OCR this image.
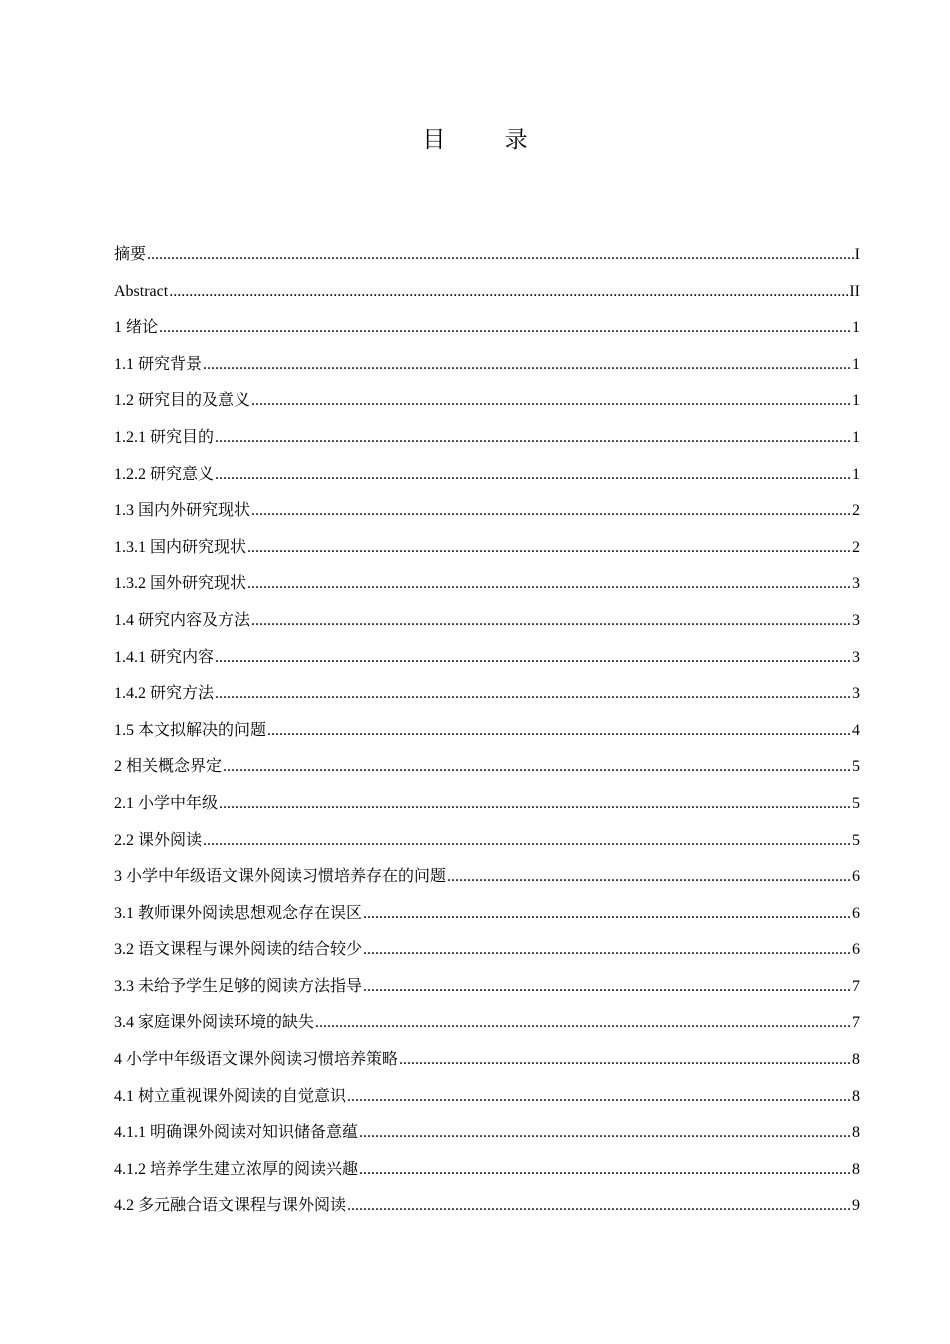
目 录
摘要 .....	I
Abstract .....	II
1 绪论 .....	1
1.1 研究背景 .....	1
1.2 研究目的及意义 .....	1
1.2.1 研究目的 .....	1
1.2.2 研究意义 .....	1
1.3 国内外研究现状 .....	2
1.3.1 国内研究现状 .....	2
1.3.2 国外研究现状 .....	3
1.4 研究内容及方法 .....	3
1.4.1 研究内容 .....	3
1.4.2 研究方法 .....	3
1.5 本文拟解决的问题 .....	4
2 相关概念界定 .....	5
2.1 小学中年级 .....	5
2.2 课外阅读 .....	5
3 小学中年级语文课外阅读习惯培养存在的问题 .....	6
3.1 教师课外阅读思想观念存在误区 .....	6
3.2 语文课程与课外阅读的结合较少 .....	6
3.3 未给予学生足够的阅读方法指导 .....	7
3.4 家庭课外阅读环境的缺失 .....	7
4 小学中年级语文课外阅读习惯培养策略 .....	8
4.1 树立重视课外阅读的自觉意识 .....	8
4.1.1 明确课外阅读对知识储备意蕴 .....	8
4.1.2 培养学生建立浓厚的阅读兴趣 .....	8
4.2 多元融合语文课程与课外阅读 .....	9
